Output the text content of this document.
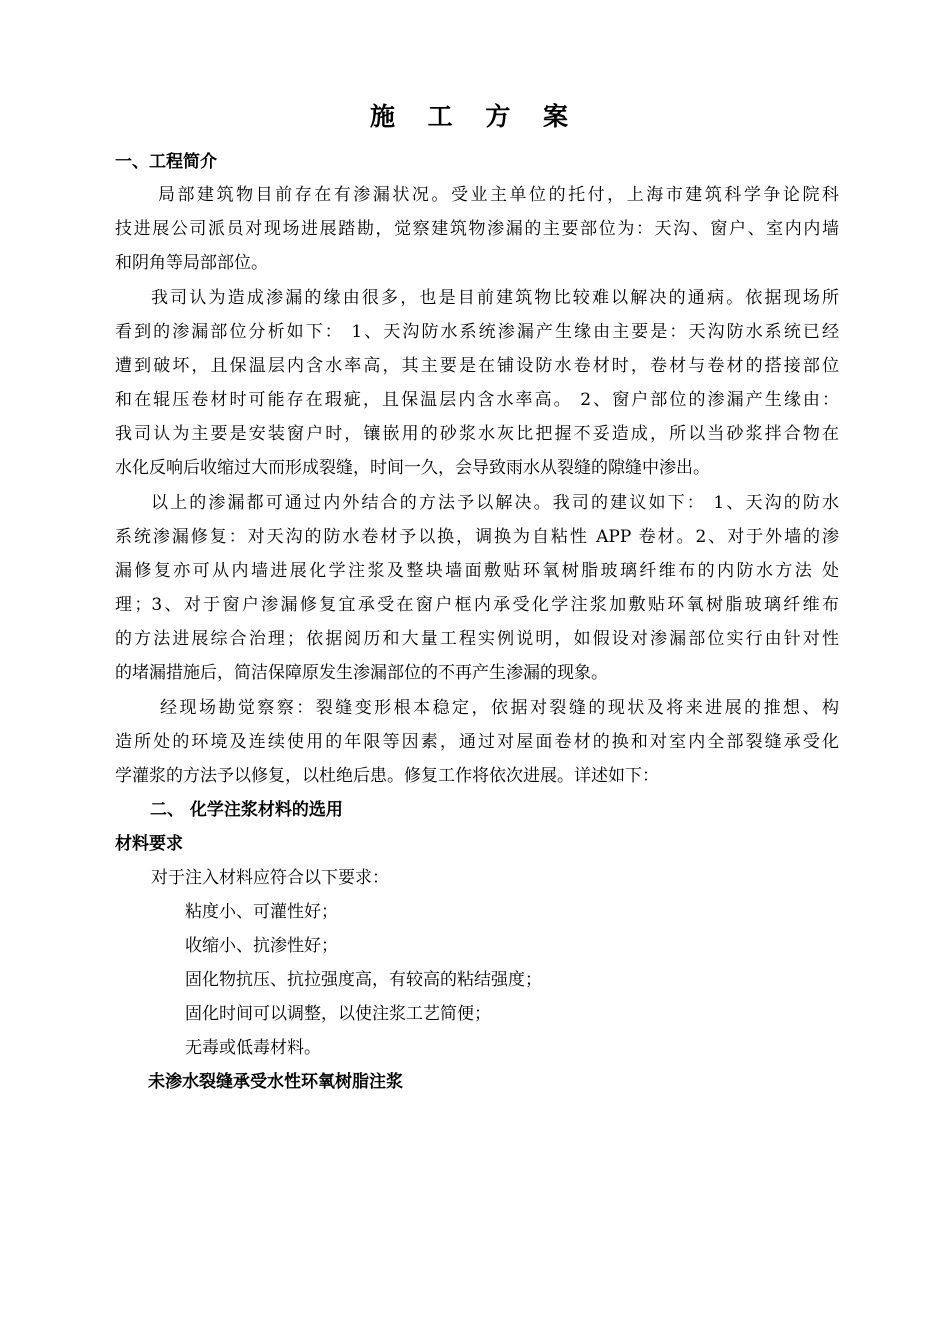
施 工 方 案
一、工程简介
局部建筑物目前存在有渗漏状况。受业主单位的托付，上海市建筑科学争论院科
技进展公司派员对现场进展踏勘，觉察建筑物渗漏的主要部位为：天沟、窗户、室内内墙
和阴角等局部部位。
我司认为造成渗漏的缘由很多，也是目前建筑物比较难以解决的通病。依据现场所
看到的渗漏部位分析如下： 1、天沟防水系统渗漏产生缘由主要是：天沟防水系统已经
遭到破坏，且保温层内含水率高，其主要是在铺设防水卷材时，卷材与卷材的搭接部位
和在辊压卷材时可能存在瑕疵，且保温层内含水率高。 2、窗户部位的渗漏产生缘由：
我司认为主要是安装窗户时，镶嵌用的砂浆水灰比把握不妥造成，所以当砂浆拌合物在
水化反响后收缩过大而形成裂缝，时间一久，会导致雨水从裂缝的隙缝中渗出。
以上的渗漏都可通过内外结合的方法予以解决。我司的建议如下： 1、天沟的防水
系统渗漏修复：对天沟的防水卷材予以换，调换为自粘性 APP 卷材。2、对于外墙的渗
漏修复亦可从内墙进展化学注浆及整块墙面敷贴环氧树脂玻璃纤维布的内防水方法 处
理；3、对于窗户渗漏修复宜承受在窗户框内承受化学注浆加敷贴环氧树脂玻璃纤维布
的方法进展综合治理；依据阅历和大量工程实例说明，如假设对渗漏部位实行由针对性
的堵漏措施后，简洁保障原发生渗漏部位的不再产生渗漏的现象。
经现场勘觉察察：裂缝变形根本稳定，依据对裂缝的现状及将来进展的推想、构
造所处的环境及连续使用的年限等因素，通过对屋面卷材的换和对室内全部裂缝承受化
学灌浆的方法予以修复，以杜绝后患。修复工作将依次进展。详述如下：
二、 化学注浆材料的选用
材料要求
对于注入材料应符合以下要求：
粘度小、可灌性好；
收缩小、抗渗性好；
固化物抗压、抗拉强度高，有较高的粘结强度；
固化时间可以调整，以使注浆工艺简便；
无毒或低毒材料。
未渗水裂缝承受水性环氧树脂注浆
